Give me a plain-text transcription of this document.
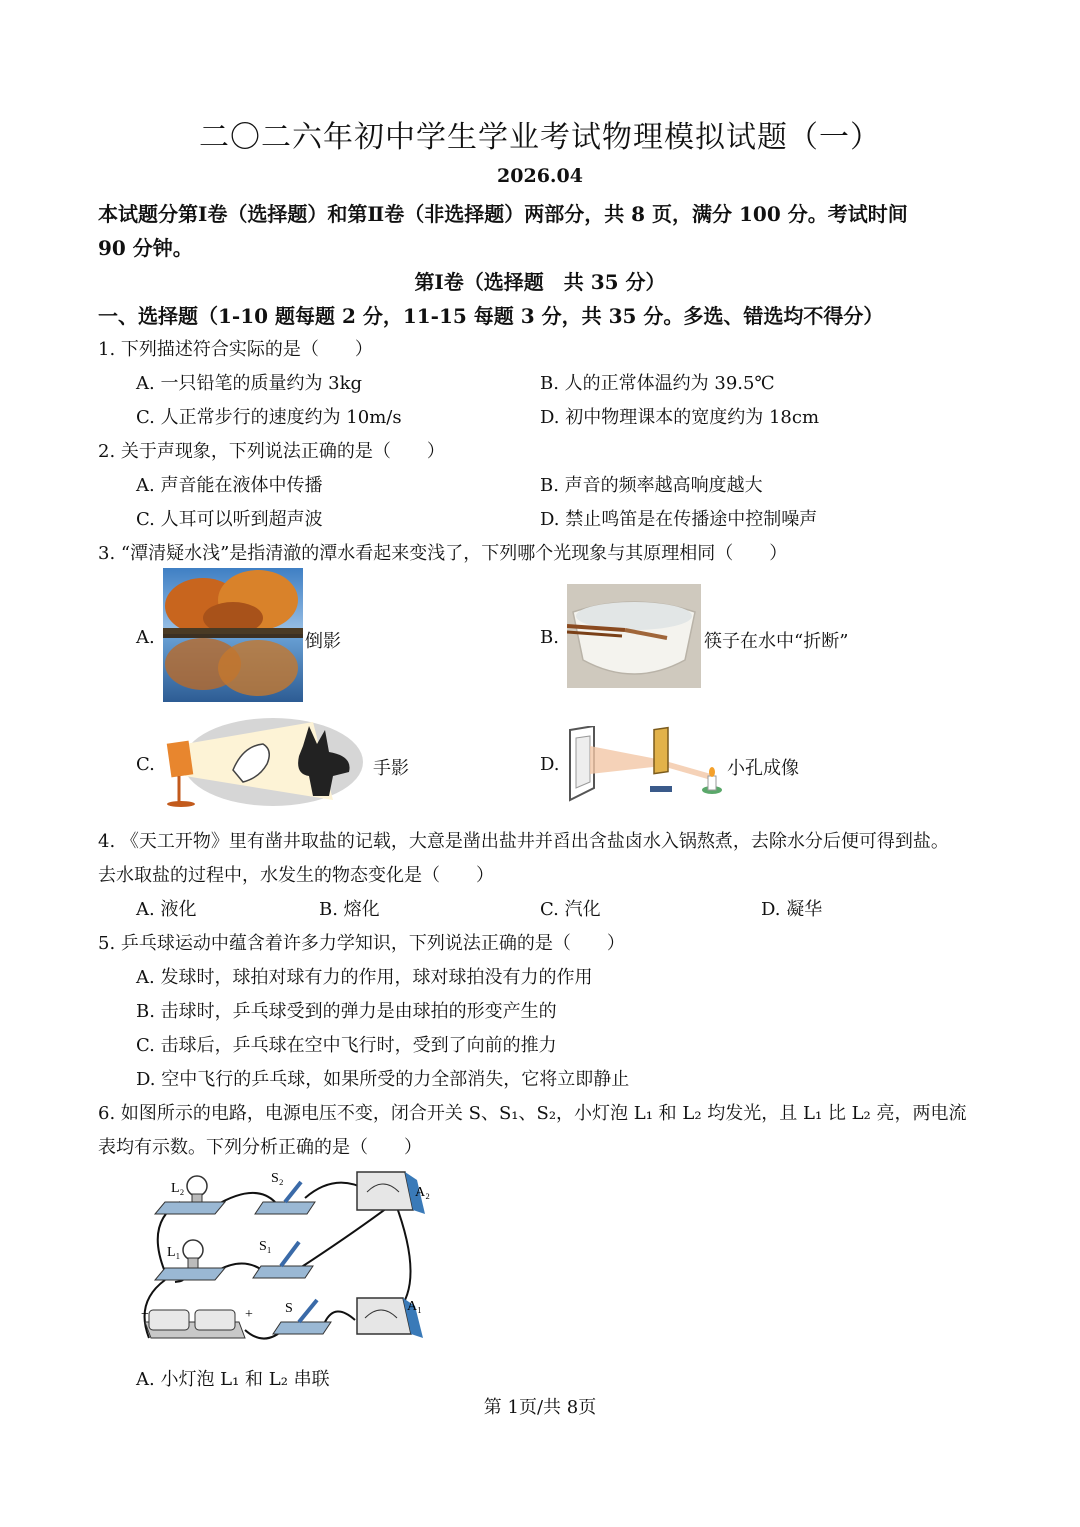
二〇二六年初中学生学业考试物理模拟试题（一）
2026.04
本试题分第Ⅰ卷（选择题）和第Ⅱ卷（非选择题）两部分，共 8 页，满分 100 分。考试时间
90 分钟。
第Ⅰ卷（选择题　共 35 分）
一、选择题（1-10 题每题 2 分，11-15 每题 3 分，共 35 分。多选、错选均不得分）
1. 下列描述符合实际的是（　　）
A. 一只铅笔的质量约为 3kg	B. 人的正常体温约为 39.5℃
C. 人正常步行的速度约为 10m/s	D. 初中物理课本的宽度约为 18cm
2. 关于声现象，下列说法正确的是（　　）
A. 声音能在液体中传播	B. 声音的频率越高响度越大
C. 人耳可以听到超声波	D. 禁止鸣笛是在传播途中控制噪声
3. “潭清疑水浅”是指清澈的潭水看起来变浅了，下列哪个光现象与其原理相同（　　）
A.	倒影	B.	筷子在水中“折断”
C.	手影	D.	小孔成像
4. 《天工开物》里有凿井取盐的记载，大意是凿出盐井并舀出含盐卤水入锅熬煮，去除水分后便可得到盐。
去水取盐的过程中，水发生的物态变化是（　　）
A. 液化	B. 熔化	C. 汽化	D. 凝华
5. 乒乓球运动中蕴含着许多力学知识，下列说法正确的是（　　）
A. 发球时，球拍对球有力的作用，球对球拍没有力的作用
B. 击球时，乒乓球受到的弹力是由球拍的形变产生的
C. 击球后，乒乓球在空中飞行时，受到了向前的推力
D. 空中飞行的乒乓球，如果所受的力全部消失，它将立即静止
6. 如图所示的电路，电源电压不变，闭合开关 S、S₁、S₂，小灯泡 L₁ 和 L₂ 均发光，且 L₁ 比 L₂ 亮，两电流
表均有示数。下列分析正确的是（　　）
L₂
S₂
A₂
L₁	S₁
S	A₁
−	+
A. 小灯泡 L₁ 和 L₂ 串联
第 1页/共 8页
